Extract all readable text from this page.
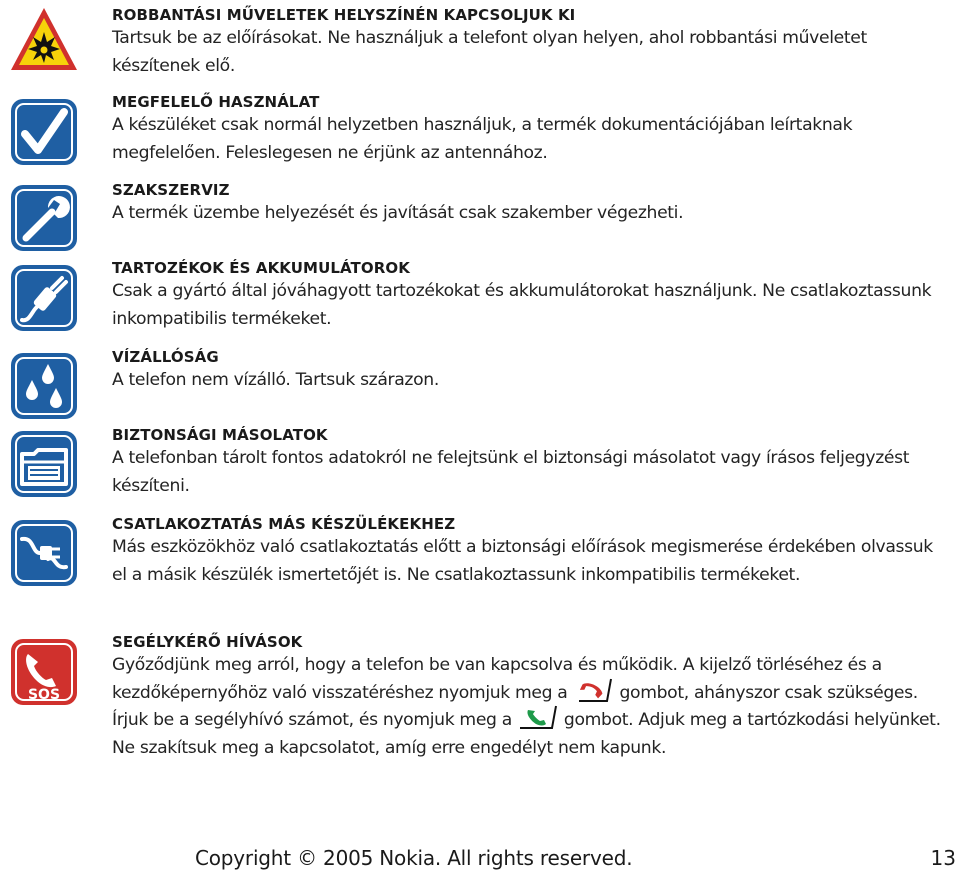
ROBBANTÁSI MŰVELETEK HELYSZÍNÉN KAPCSOLJUK KI

Tartsuk be az előírásokat. Ne használjuk a telefont olyan helyen, ahol robbantási műveletet készítenek elő.

MEGFELELŐ HASZNÁLAT

A készüléket csak normál helyzetben használjuk, a termék dokumentációjában leírtaknak megfelelően. Feleslegesen ne érjünk az antennához.

SZAKSZERVIZ

A termék üzembe helyezését és javítását csak szakember végezheti.

TARTOZÉKOK ÉS AKKUMULÁTOROK

Csak a gyártó által jóváhagyott tartozékokat és akkumulátorokat használjunk. Ne csatlakoztassunk inkompatibilis termékeket.

VÍZÁLLÓSÁG

A telefon nem vízálló. Tartsuk szárazon.

BIZTONSÁGI MÁSOLATOK

A telefonban tárolt fontos adatokról ne felejtsünk el biztonsági másolatot vagy írásos feljegyzést készíteni.

CSATLAKOZTATÁS MÁS KÉSZÜLÉKEKHEZ

Más eszközökhöz való csatlakoztatás előtt a biztonsági előírások megismerése érdekében olvassuk el a másik készülék ismertetőjét is. Ne csatlakoztassunk inkompatibilis termékeket.

SOS

SEGÉLYKÉRŐ HÍVÁSOK

Győződjünk meg arról, hogy a telefon be van kapcsolva és működik. A kijelző törléséhez és a kezdőképernyőhöz való visszatéréshez nyomjuk meg a	gombot, ahányszor csak szükséges. Írjuk be a segélyhívó számot, és nyomjuk meg a	gombot. Adjuk meg a tartózkodási helyünket. Ne szakítsuk meg a kapcsolatot, amíg erre engedélyt nem kapunk.

Copyright © 2005 Nokia. All rights reserved.	13
